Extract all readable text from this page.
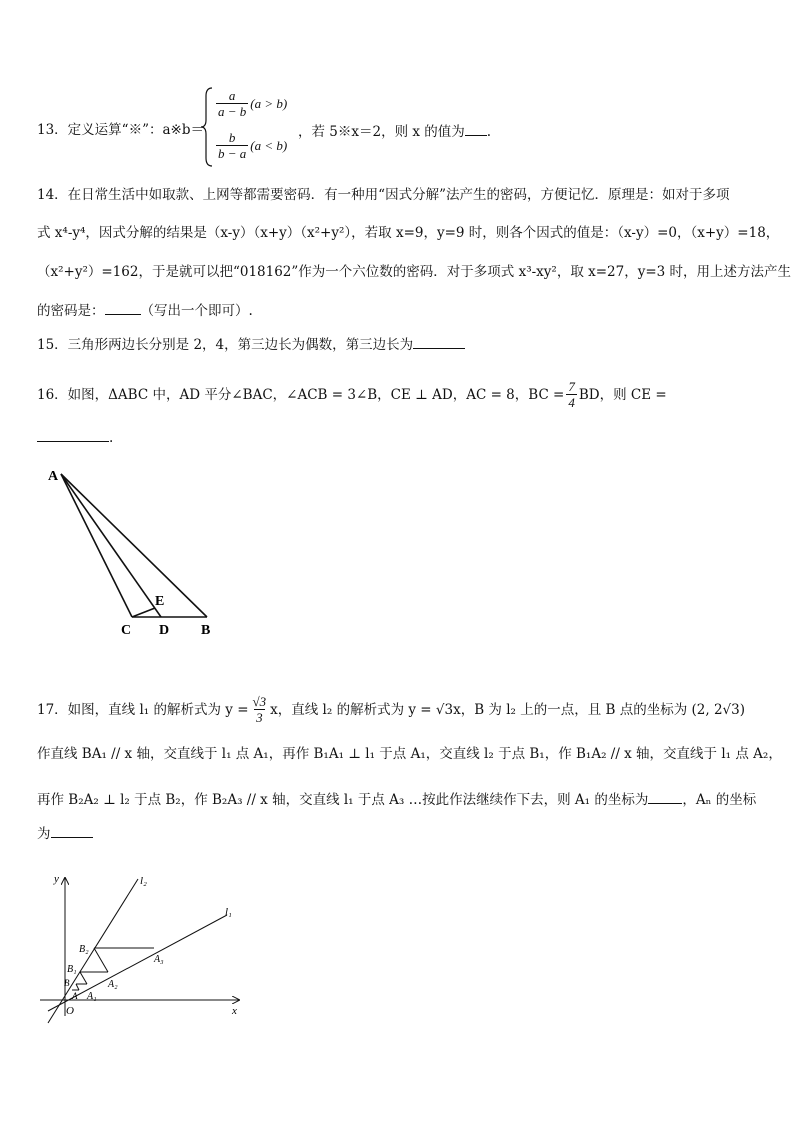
13．定义运算“※”：a※b＝
$\frac{a}{a - b} (a > b)$
$\frac{b}{b - a} (a < b)$
，若 5※x＝2，则 x 的值为 .
14．在日常生活中如取款、上网等都需要密码．有一种用“因式分解”法产生的密码，方便记忆．原理是：如对于多项
式 x⁴-y⁴，因式分解的结果是（x-y）（x+y）（x²+y²），若取 x=9，y=9 时，则各个因式的值是：（x-y）=0，（x+y）=18，
（x²+y²）=162，于是就可以把“018162”作为一个六位数的密码．对于多项式 x³-xy²，取 x=27，y=3 时，用上述方法产生
的密码是：	（写出一个即可）.
15．三角形两边长分别是 2，4，第三边长为偶数，第三边长为
16．如图，ΔABC 中，AD 平分∠BAC，∠ACB = 3∠B，CE ⊥ AD，AC = 8，BC = $\frac{7}{4}$ BD，则 CE =
.
A
E
C D B
17．如图，直线 l₁ 的解析式为 $y = \frac{√3}{3}$ x，直线 l₂ 的解析式为 y = √3x，B 为 l₂ 上的一点，且 B 点的坐标为 (2, 2√3)
作直线 BA₁ // x 轴，交直线于 l₁ 点 A₁，再作 B₁A₁ ⊥ l₁ 于点 A₁，交直线 l₂ 于点 B₁，作 B₁A₂ // x 轴，交直线于 l₁ 点 A₂，
再作 B₂A₂ ⊥ l₂ 于点 B₂，作 B₂A₃ // x 轴，交直线 l₁ 于点 A₃ …按此作法继续作下去，则 A₁ 的坐标为	，Aₙ 的坐标
为
y
x
O
l₂
l₁
B₂
B₁
B
A A₁
A₂
A₃
